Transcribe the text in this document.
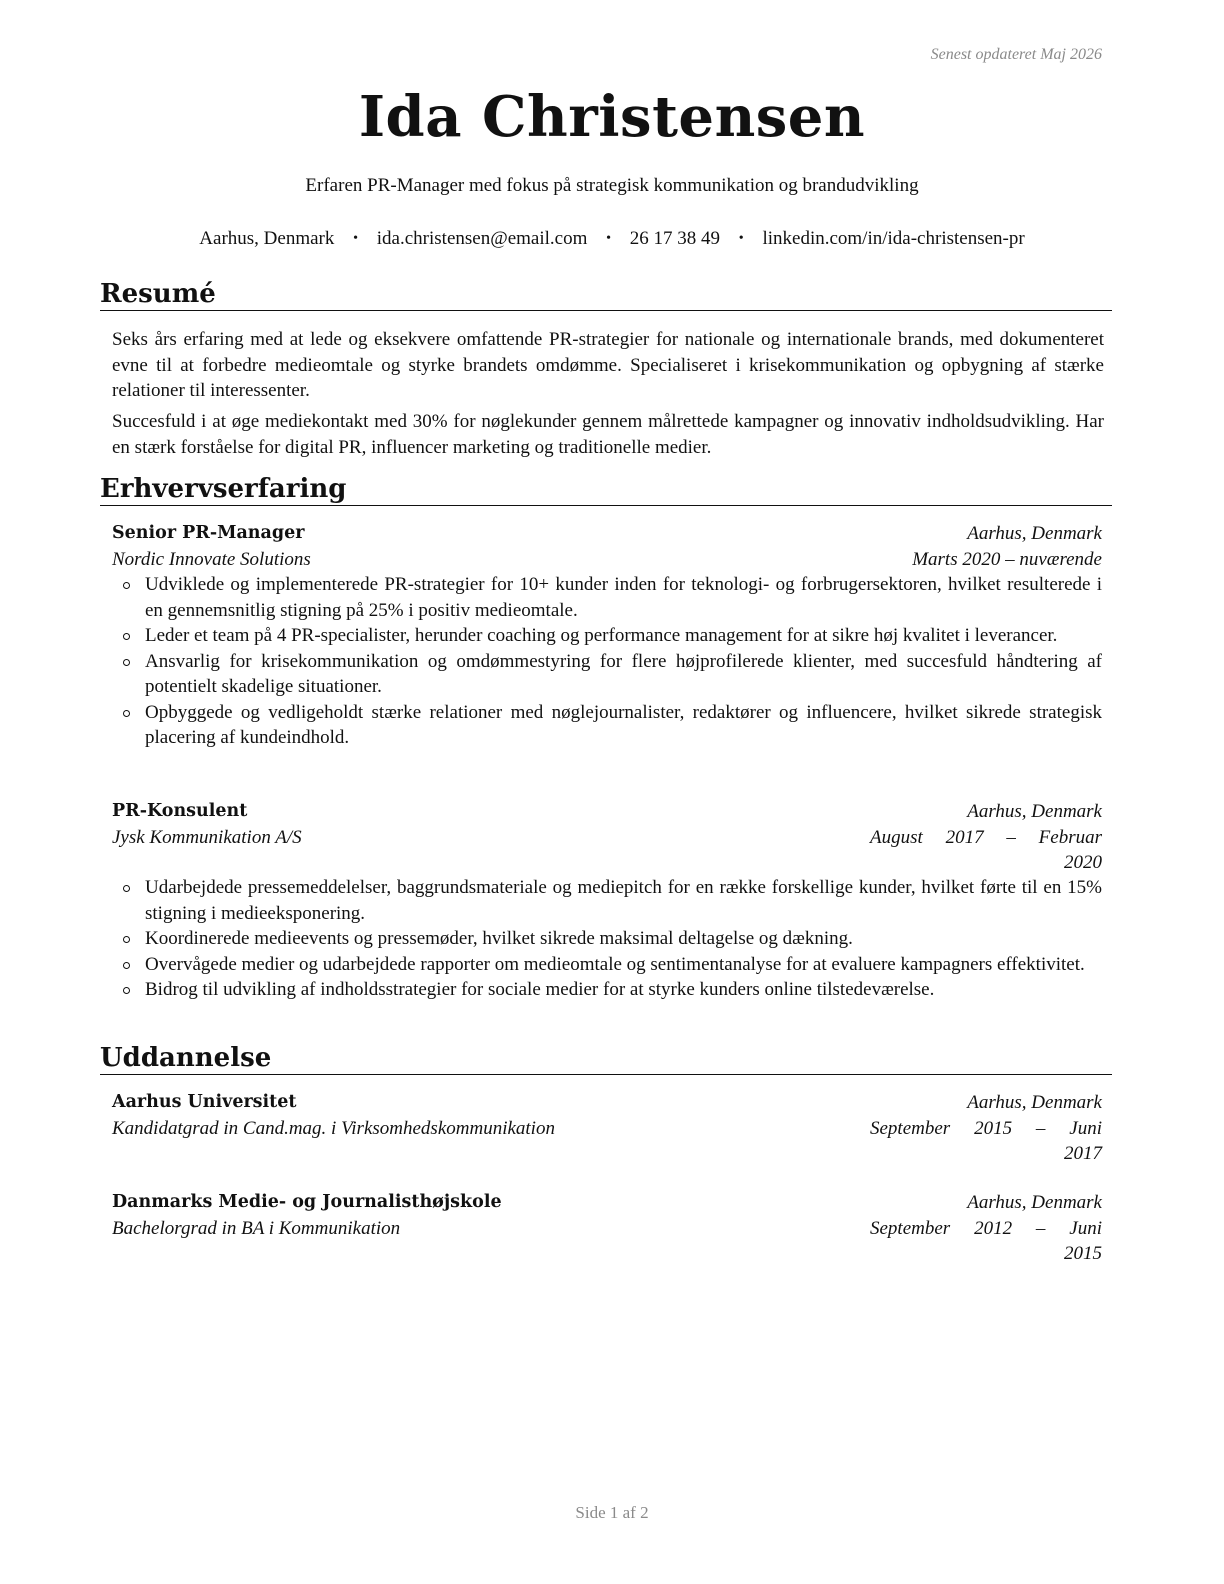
Senest opdateret Maj 2026
Ida Christensen
Erfaren PR-Manager med fokus på strategisk kommunikation og brandudvikling
Aarhus, Denmark • ida.christensen@email.com • 26 17 38 49 • linkedin.com/in/ida-christensen-pr
Resumé
Seks års erfaring med at lede og eksekvere omfattende PR-strategier for nationale og internationale brands, med dokumenteret evne til at forbedre medieomtale og styrke brandets omdømme. Specialiseret i krisekommunikation og opbygning af stærke relationer til interessenter.
Succesfuld i at øge mediekontakt med 30% for nøglekunder gennem målrettede kampagner og innovativ indholdsudvikling. Har en stærk forståelse for digital PR, influencer marketing og traditionelle medier.
Erhvervserfaring
Senior PR-Manager	Aarhus, Denmark
Nordic Innovate Solutions	Marts 2020 – nuværende
Udviklede og implementerede PR-strategier for 10+ kunder inden for teknologi- og forbrugersektoren, hvilket resulterede i en gennemsnitlig stigning på 25% i positiv medieomtale.
Leder et team på 4 PR-specialister, herunder coaching og performance management for at sikre høj kvalitet i leverancer.
Ansvarlig for krisekommunikation og omdømmestyring for flere højprofilerede klienter, med succesfuld håndtering af potentielt skadelige situationer.
Opbyggede og vedligeholdt stærke relationer med nøglejournalister, redaktører og influencere, hvilket sikrede strategisk placering af kundeindhold.
PR-Konsulent	Aarhus, Denmark
Jysk Kommunikation A/S	August 2017 – Februar
2020
Udarbejdede pressemeddelelser, baggrundsmateriale og mediepitch for en række forskellige kunder, hvilket førte til en 15% stigning i medieeksponering.
Koordinerede medieevents og pressemøder, hvilket sikrede maksimal deltagelse og dækning.
Overvågede medier og udarbejdede rapporter om medieomtale og sentimentanalyse for at evaluere kampagners effektivitet.
Bidrog til udvikling af indholdsstrategier for sociale medier for at styrke kunders online tilstedeværelse.
Uddannelse
Aarhus Universitet	Aarhus, Denmark
Kandidatgrad in Cand.mag. i Virksomhedskommunikation	September 2015 – Juni
2017
Danmarks Medie- og Journalisthøjskole	Aarhus, Denmark
Bachelorgrad in BA i Kommunikation	September 2012 – Juni
2015
Side 1 af 2
